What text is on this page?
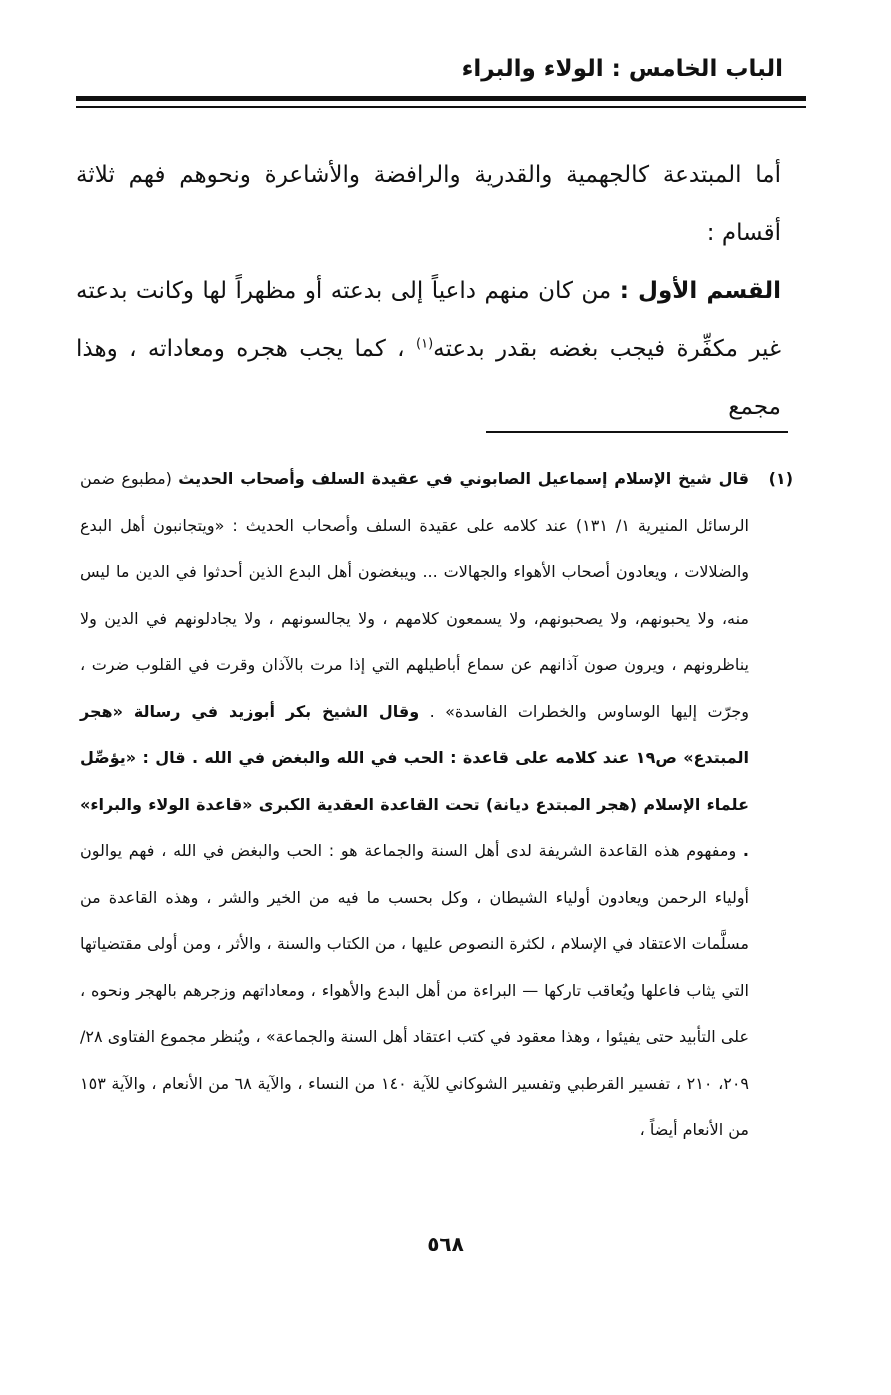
الباب الخامس : الولاء والبراء

أما المبتدعة كالجهمية والقدرية والرافضة والأشاعرة ونحوهم فهم ثلاثة أقسام :

القسم الأول : من كان منهم داعياً إلى بدعته أو مظهراً لها وكانت بدعته غير مكفِّرة فيجب بغضه بقدر بدعته$^{(١)}$ ، كما يجب هجره ومعاداته ، وهذا مجمع

(١)
قال شيخ الإسلام إسماعيل الصابوني في عقيدة السلف وأصحاب الحديث (مطبوع ضمن الرسائل المنيرية ١/ ١٣١) عند كلامه على عقيدة السلف وأصحاب الحديث : «ويتجانبون أهل البدع والضلالات ، ويعادون أصحاب الأهواء والجهالات ... ويبغضون أهل البدع الذين أحدثوا في الدين ما ليس منه، ولا يحبونهم، ولا يصحبونهم، ولا يسمعون كلامهم ، ولا يجالسونهم ، ولا يجادلونهم في الدين ولا يناظرونهم ، ويرون صون آذانهم عن سماع أباطيلهم التي إذا مرت بالآذان وقرت في القلوب ضرت ، وجرّت إليها الوساوس والخطرات الفاسدة» . وقال الشيخ بكر أبوزيد في رسالة «هجر المبتدع» ص١٩ عند كلامه على قاعدة : الحب في الله والبغض في الله . قال : «يؤصِّل علماء الإسلام (هجر المبتدع ديانة) تحت القاعدة العقدية الكبرى «قاعدة الولاء والبراء» . ومفهوم هذه القاعدة الشريفة لدى أهل السنة والجماعة هو : الحب والبغض في الله ، فهم يوالون أولياء الرحمن ويعادون أولياء الشيطان ، وكل بحسب ما فيه من الخير والشر ، وهذه القاعدة من مسلَّمات الاعتقاد في الإسلام ، لكثرة النصوص عليها ، من الكتاب والسنة ، والأثر ، ومن أولى مقتضياتها التي يثاب فاعلها ويُعاقب تاركها — البراءة من أهل البدع والأهواء ، ومعاداتهم وزجرهم بالهجر ونحوه ، على التأبيد حتى يفيئوا ، وهذا معقود في كتب اعتقاد أهل السنة والجماعة» ، ويُنظر مجموع الفتاوى ٢٨/ ٢٠٩، ٢١٠ ، تفسير القرطبي وتفسير الشوكاني للآية ١٤٠ من النساء ، والآية ٦٨ من الأنعام ، والآية ١٥٣ من الأنعام أيضاً ،
٥٦٨
